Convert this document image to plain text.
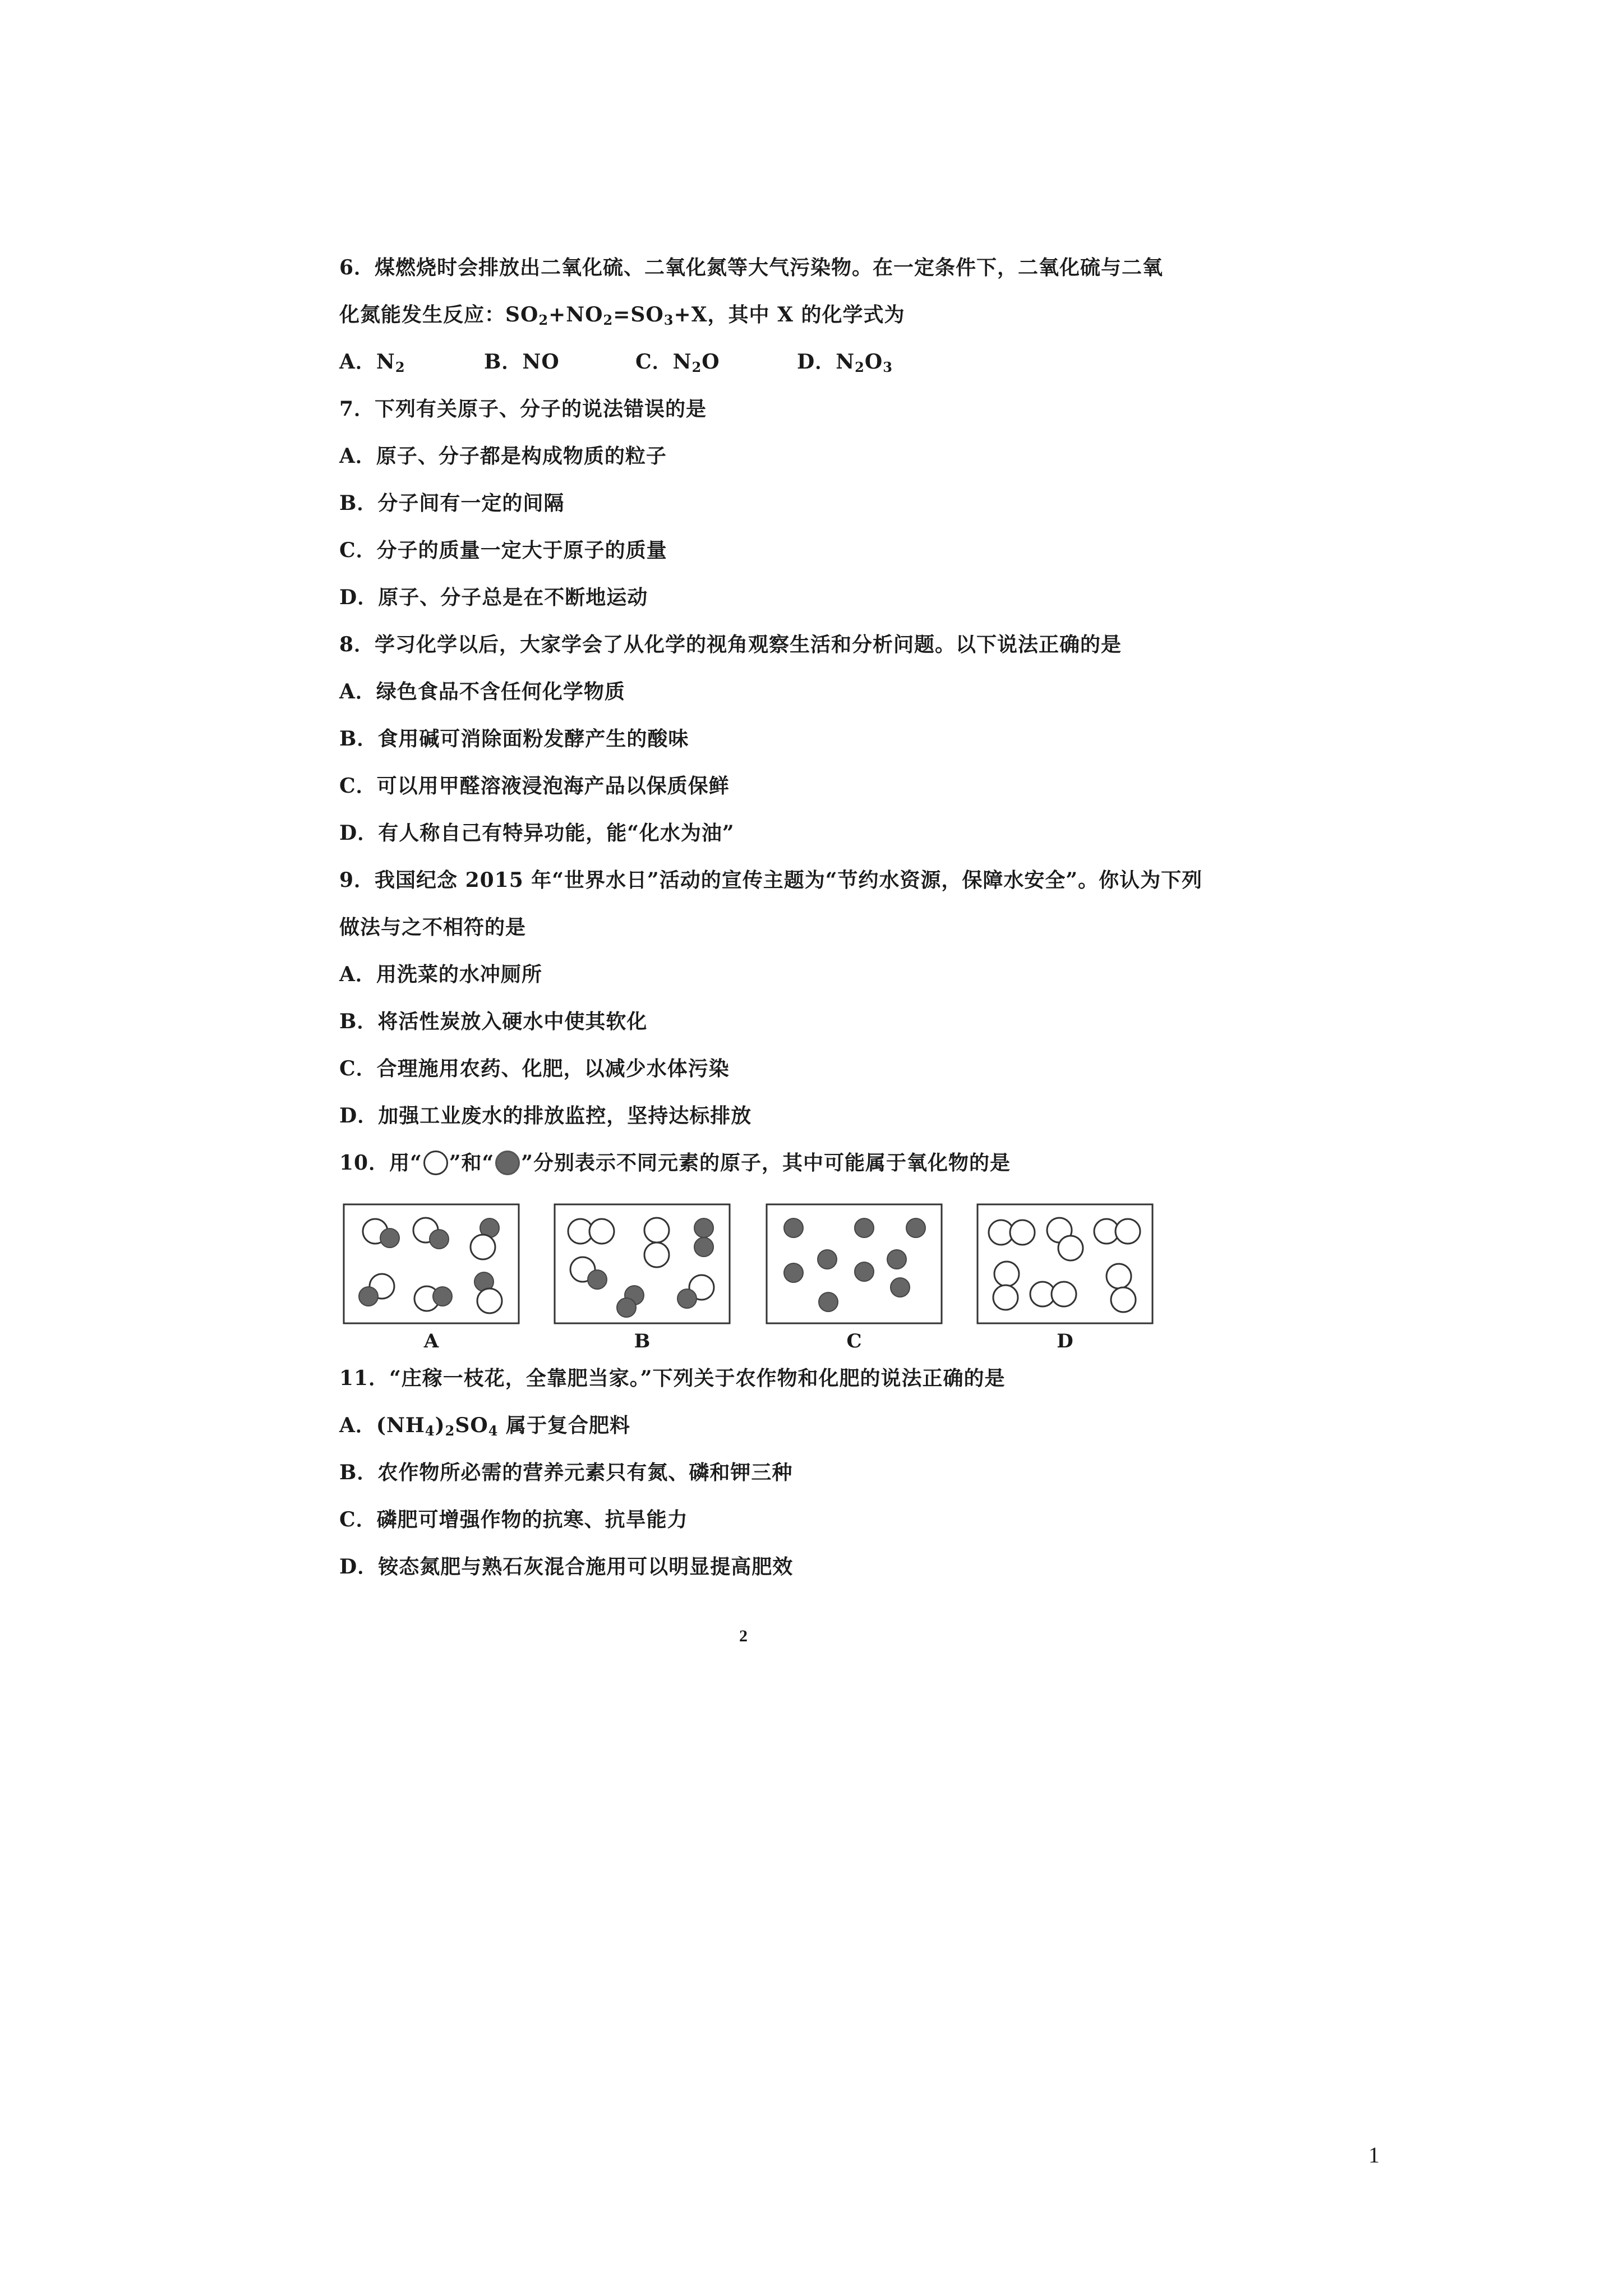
6．煤燃烧时会排放出二氧化硫、二氧化氮等大气污染物。在一定条件下，二氧化硫与二氧
化氮能发生反应：$SO_2+NO_2=SO_3+X$，其中 X 的化学式为
A．$N_2$	B．NO	C．$N_2O$	D．$N_2O_3$
7．下列有关原子、分子的说法错误的是
A．原子、分子都是构成物质的粒子
B．分子间有一定的间隔
C．分子的质量一定大于原子的质量
D．原子、分子总是在不断地运动
8．学习化学以后，大家学会了从化学的视角观察生活和分析问题。以下说法正确的是
A．绿色食品不含任何化学物质
B．食用碱可消除面粉发酵产生的酸味
C．可以用甲醛溶液浸泡海产品以保质保鲜
D．有人称自己有特异功能，能“化水为油”
9．我国纪念 2015 年“世界水日”活动的宣传主题为“节约水资源，保障水安全”。你认为下列
做法与之不相符的是
A．用洗菜的水冲厕所
B．将活性炭放入硬水中使其软化
C．合理施用农药、化肥，以减少水体污染
D．加强工业废水的排放监控，坚持达标排放
10．用“ ”和“ ”分别表示不同元素的原子，其中可能属于氧化物的是
A	B	C	D
11．“庄稼一枝花，全靠肥当家。”下列关于农作物和化肥的说法正确的是
A．$(NH_4)_2SO_4$ 属于复合肥料
B．农作物所必需的营养元素只有氮、磷和钾三种
C．磷肥可增强作物的抗寒、抗旱能力
D．铵态氮肥与熟石灰混合施用可以明显提高肥效
2
1
